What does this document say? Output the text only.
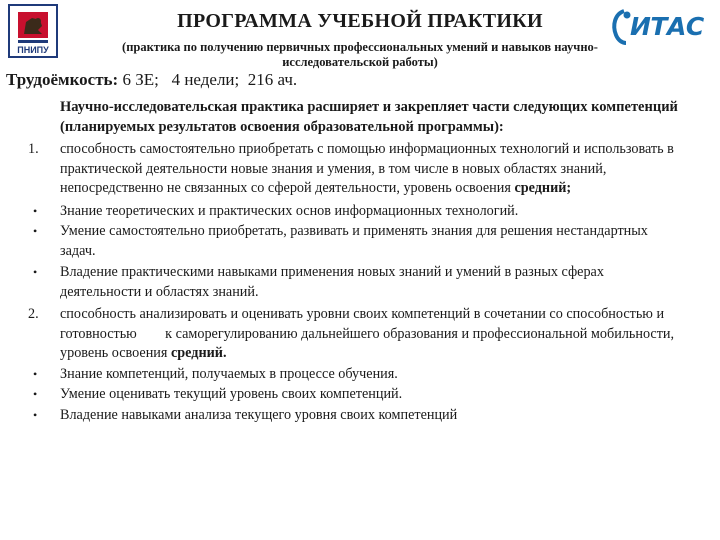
ПНИПУ
ПРОГРАММА УЧЕБНОЙ ПРАКТИКИ
(практика по получению первичных профессиональных умений и навыков научно-исследовательской работы)
ИТАС
Трудоёмкость: 6 ЗЕ;   4 недели;  216 ач.
Научно-исследовательская практика расширяет и закрепляет части следующих компетенций (планируемых результатов освоения образовательной программы):
1.	способность самостоятельно приобретать с помощью информационных технологий и использовать в практической деятельности новые знания и умения, в том числе в новых областях знаний, непосредственно не связанных со сферой деятельности, уровень освоения средний;
•	Знание теоретических и практических основ информационных технологий.
•	Умение самостоятельно приобретать, развивать и применять знания для решения нестандартных задач.
•	Владение практическими навыками применения новых знаний и умений в разных сферах деятельности и областях знаний.
2.	способность анализировать и оценивать уровни своих компетенций в сочетании со способностью и готовностью        к саморегулированию дальнейшего образования и профессиональной мобильности, уровень освоения средний.
•	Знание компетенций, получаемых в процессе обучения.
•	Умение оценивать текущий уровень своих компетенций.
•	Владение навыками анализа текущего уровня своих компетенций
